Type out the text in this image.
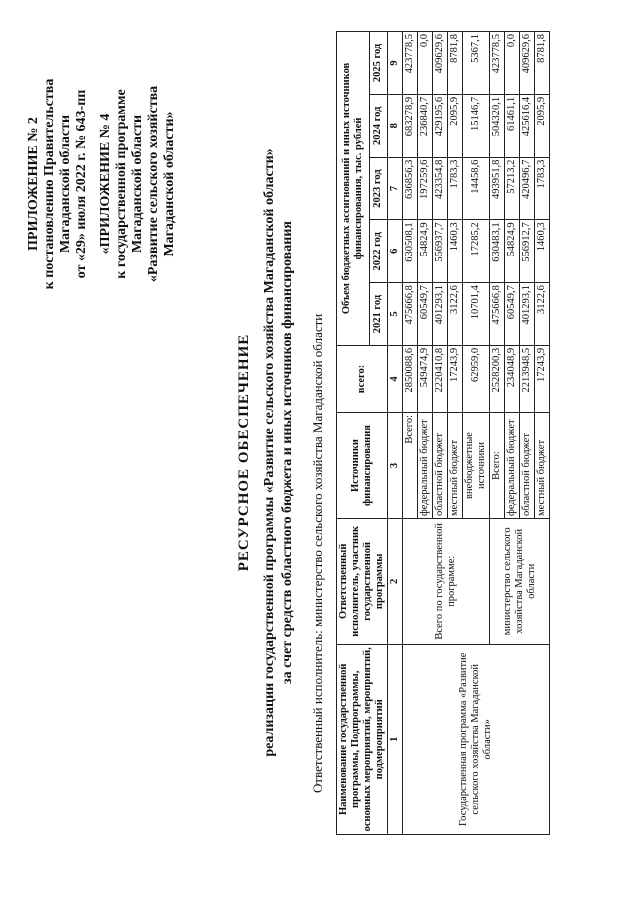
ПРИЛОЖЕНИЕ № 2 к постановлению Правительства Магаданской области от «29» июля 2022 г. № 643-пп «ПРИЛОЖЕНИЕ № 4 к государственной программе Магаданской области «Развитие сельского хозяйства Магаданской области»
РЕСУРСНОЕ ОБЕСПЕЧЕНИЕ реализации государственной программы «Развитие сельского хозяйства Магаданской области» за счет средств областного бюджета и иных источников финансирования Ответственный исполнитель: министерство сельского хозяйства Магаданской области Наименование государственной программы, Подпрограммы, основных мероприятий, мероприятий, подмероприятий	Ответственный исполнитель, участник государственной программы	Источники финансирования	всего:	Объем бюджетных ассигнований и иных источников финансирования, тыс. рублей				
				2021 год	2022 год	2023 год	2024 год	2025 год
1	2	3	4	5	6	7	8	9
Государственная программа «Развитие сельского хозяйства Магаданской области»	Всего по государственной программе:	Всего:	2850088,6	475666,8	630508,1	636856,3	683278,9	423778,5
		федеральный бюджет	549474,9	60549,7	54824,9	197259,6	236840,7	0,0
		областной бюджет	2220410,8	401293,1	556937,7	423354,8	429195,6	409629,6
		местный бюджет	17243,9	3122,6	1460,3	1783,3	2095,9	8781,8
		внебюджетные источники	62959,0	10701,4	17285,2	14458,6	15146,7	5367,1
	министерство сельского хозяйства Магаданской области	Всего:	2528200,3	475666,8	630483,1	493951,8	504320,1	423778,5
		федеральный бюджет	234048,9	60549,7	54824,9	57213,2	61461,1	0,0
		областной бюджет	2213948,5	401293,1	556912,7	420496,7	425616,4	409629,6
		местный бюджет	17243,9	3122,6	1460,3	1783,3	2095,9	8781,8
